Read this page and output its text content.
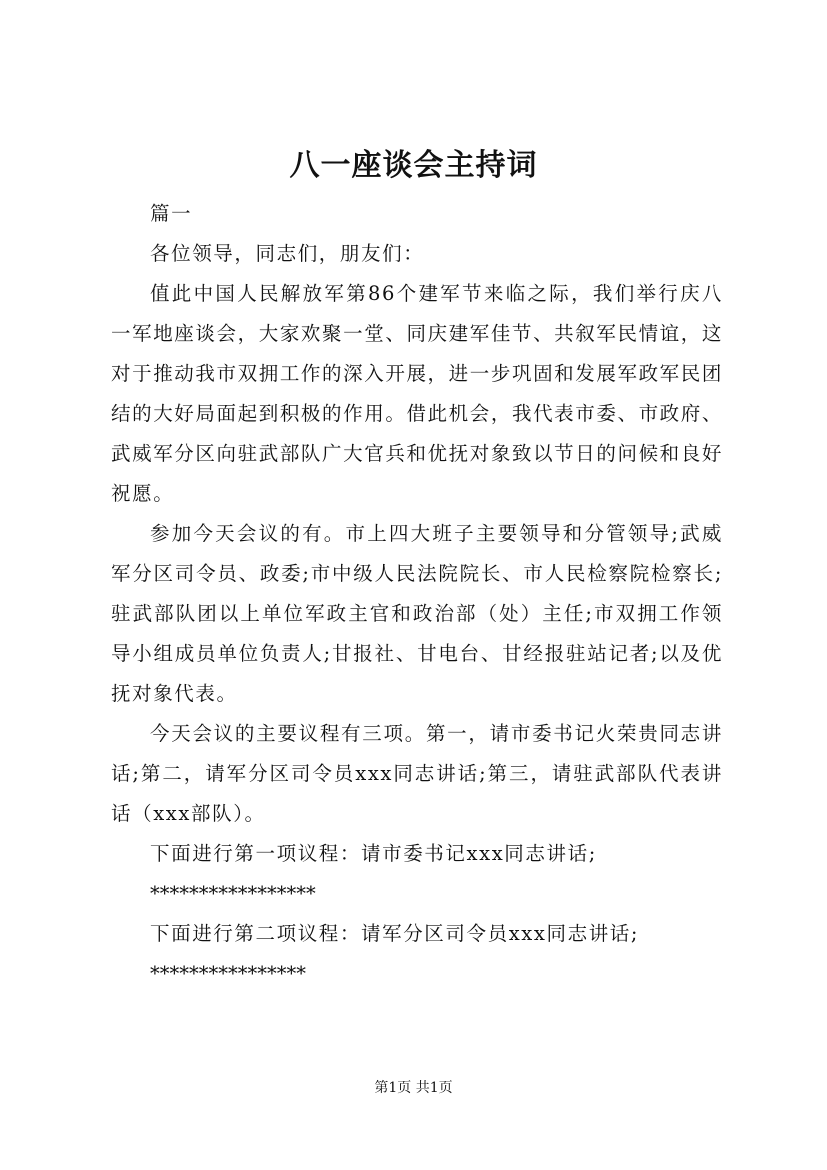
八一座谈会主持词

篇一

各位领导，同志们，朋友们：

值此中国人民解放军第86个建军节来临之际，我们举行庆八一军地座谈会，大家欢聚一堂、同庆建军佳节、共叙军民情谊，这对于推动我市双拥工作的深入开展，进一步巩固和发展军政军民团结的大好局面起到积极的作用。借此机会，我代表市委、市政府、武威军分区向驻武部队广大官兵和优抚对象致以节日的问候和良好祝愿。

参加今天会议的有。市上四大班子主要领导和分管领导;武威军分区司令员、政委;市中级人民法院院长、市人民检察院检察长;驻武部队团以上单位军政主官和政治部（处）主任;市双拥工作领导小组成员单位负责人;甘报社、甘电台、甘经报驻站记者;以及优抚对象代表。

今天会议的主要议程有三项。第一，请市委书记火荣贵同志讲话;第二，请军分区司令员xxx同志讲话;第三，请驻武部队代表讲话（xxx部队）。

下面进行第一项议程：请市委书记xxx同志讲话;

*****************

下面进行第二项议程：请军分区司令员xxx同志讲话;

****************

第1页 共1页
